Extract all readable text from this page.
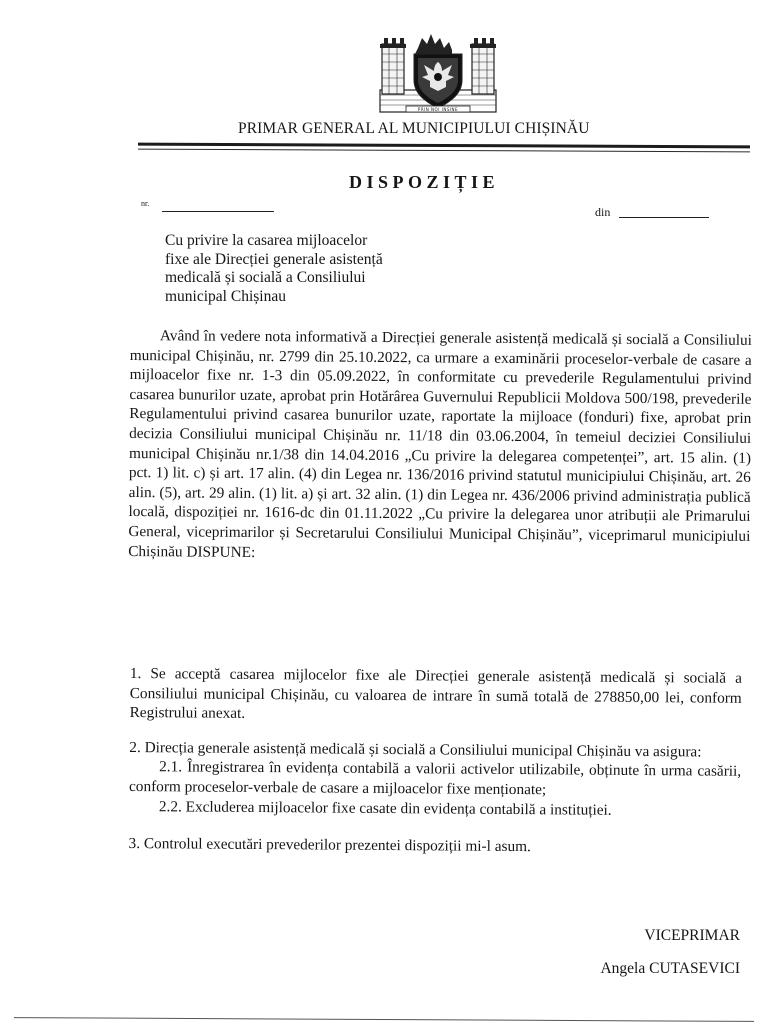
PRIN NOI INSINE
PRIMAR GENERAL AL MUNICIPIULUI CHIȘINĂU
DISPOZIȚIE
nr.
din
Cu privire la casarea mijloacelor
fixe ale Direcției generale asistență
medicală și socială a Consiliului
municipal Chișinau

Având în vedere nota informativă a Direcției generale asistență medicală și socială a Consiliului municipal Chișinău, nr. 2799 din 25.10.2022, ca urmare a examinării proceselor-verbale de casare a mijloacelor fixe nr. 1-3 din 05.09.2022, în conformitate cu prevederile Regulamentului privind casarea bunurilor uzate, aprobat prin Hotărârea Guvernului Republicii Moldova 500/198, prevederile Regulamentului privind casarea bunurilor uzate, raportate la mijloace (fonduri) fixe, aprobat prin decizia Consiliului municipal Chișinău nr. 11/18 din 03.06.2004, în temeiul deciziei Consiliului municipal Chișinău nr.1/38 din 14.04.2016 „Cu privire la delegarea competenței”, art. 15 alin. (1) pct. 1) lit. c) și art. 17 alin. (4) din Legea nr. 136/2016 privind statutul municipiului Chișinău, art. 26 alin. (5), art. 29 alin. (1) lit. a) și art. 32 alin. (1) din Legea nr. 436/2006 privind administrația publică locală, dispoziției nr. 1616-dc din 01.11.2022 „Cu privire la delegarea unor atribuții ale Primarului General, viceprimarilor și Secretarului Consiliului Municipal Chișinău”, viceprimarul municipiului Chișinău DISPUNE:

1. Se acceptă casarea mijlocelor fixe ale Direcției generale asistență medicală și socială a Consiliului municipal Chișinău, cu valoarea de intrare în sumă totală de 278850,00 lei, conform Registrului anexat.

2. Direcția generale asistență medicală și socială a Consiliului municipal Chișinău va asigura:

2.1. Înregistrarea în evidența contabilă a valorii activelor utilizabile, obținute în urma casării, conform proceselor-verbale de casare a mijloacelor fixe menționate;

2.2. Excluderea mijloacelor fixe casate din evidența contabilă a instituției.

3. Controlul executări prevederilor prezentei dispoziții mi-l asum.

VICEPRIMAR
Angela CUTASEVICI
